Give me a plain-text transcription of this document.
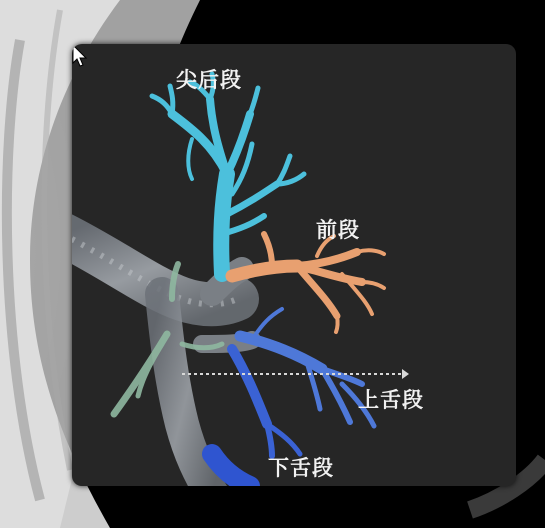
尖后段
前段
上舌段
下舌段
